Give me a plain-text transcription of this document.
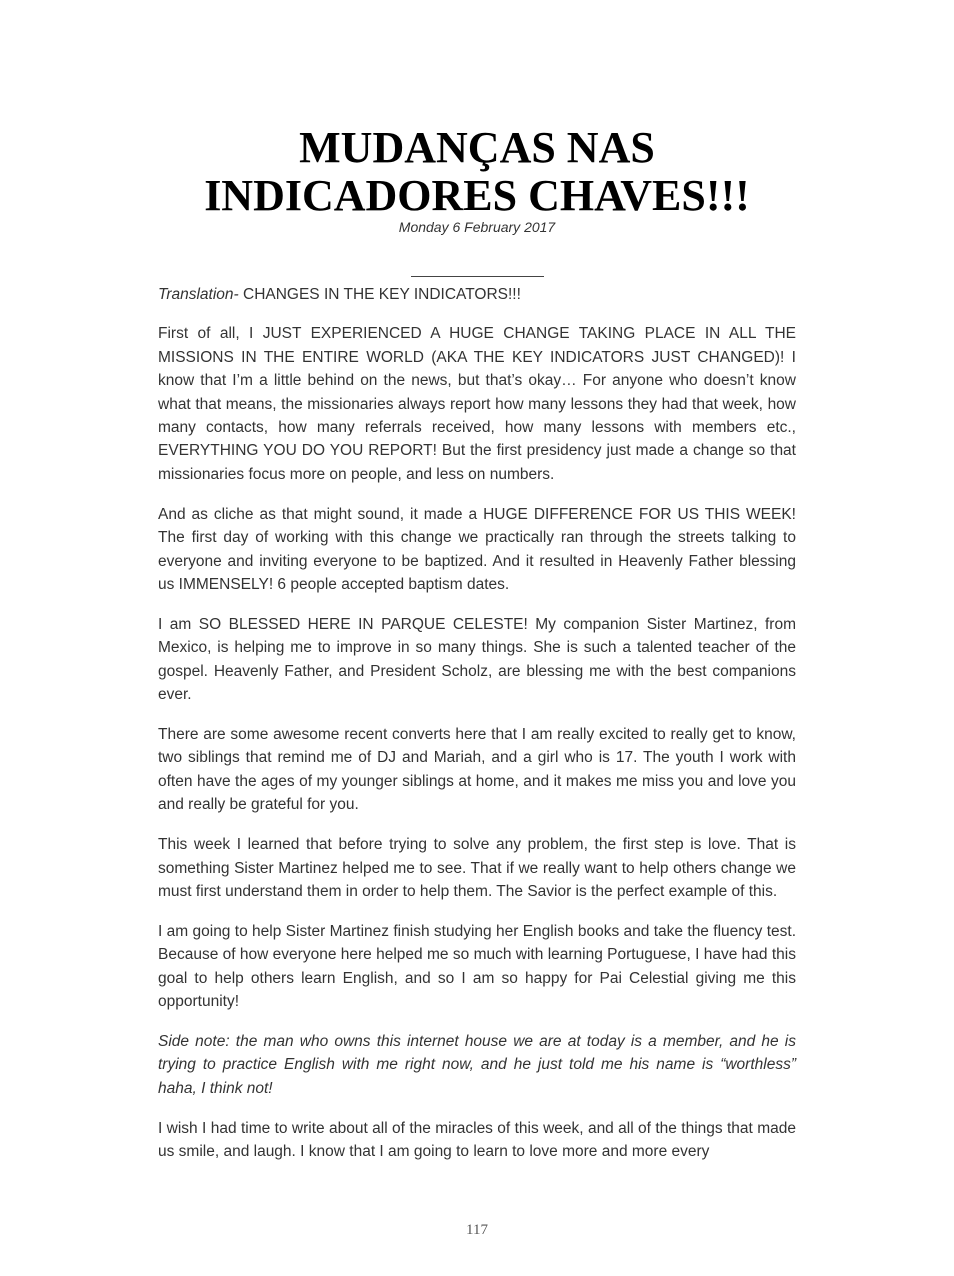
MUDANÇAS NAS
INDICADORES CHAVES!!!
Monday 6 February 2017

Translation- CHANGES IN THE KEY INDICATORS!!!

First of all, I JUST EXPERIENCED A HUGE CHANGE TAKING PLACE IN ALL THE MISSIONS IN THE ENTIRE WORLD (AKA THE KEY INDICATORS JUST CHANGED)! I know that I’m a little behind on the news, but that’s okay… For anyone who doesn’t know what that means, the missionaries always report how many lessons they had that week, how many contacts, how many referrals received, how many lessons with members etc., EVERYTHING YOU DO YOU REPORT! But the first presidency just made a change so that missionaries focus more on people, and less on numbers.

And as cliche as that might sound, it made a HUGE DIFFERENCE FOR US THIS WEEK! The first day of working with this change we practically ran through the streets talking to everyone and inviting everyone to be baptized. And it resulted in Heavenly Father blessing us IMMENSELY! 6 people accepted baptism dates.

I am SO BLESSED HERE IN PARQUE CELESTE! My companion Sister Martinez, from Mexico, is helping me to improve in so many things. She is such a talented teacher of the gospel. Heavenly Father, and President Scholz, are blessing me with the best companions ever.

There are some awesome recent converts here that I am really excited to really get to know, two siblings that remind me of DJ and Mariah, and a girl who is 17. The youth I work with often have the ages of my younger siblings at home, and it makes me miss you and love you and really be grateful for you.

This week I learned that before trying to solve any problem, the first step is love. That is something Sister Martinez helped me to see. That if we really want to help others change we must first understand them in order to help them. The Savior is the perfect example of this.

I am going to help Sister Martinez finish studying her English books and take the fluency test. Because of how everyone here helped me so much with learning Portuguese, I have had this goal to help others learn English, and so I am so happy for Pai Celestial giving me this opportunity!

Side note: the man who owns this internet house we are at today is a member, and he is trying to practice English with me right now, and he just told me his name is “worthless” haha, I think not!

I wish I had time to write about all of the miracles of this week, and all of the things that made us smile, and laugh. I know that I am going to learn to love more and more every

117
